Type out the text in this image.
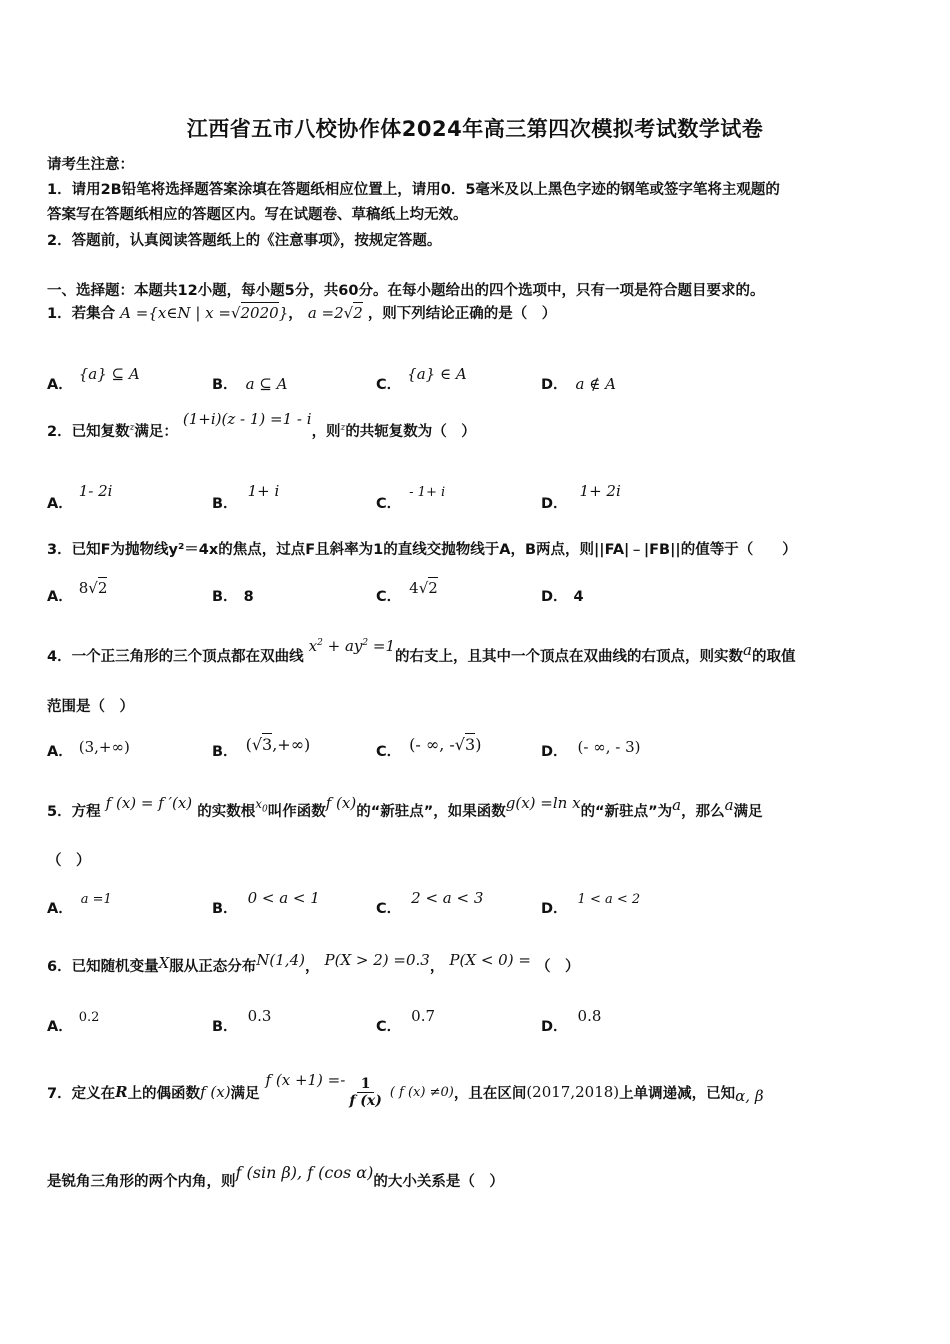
江西省五市八校协作体2024年高三第四次模拟考试数学试卷
请考生注意：
1．请用2B铅笔将选择题答案涂填在答题纸相应位置上，请用0．5毫米及以上黑色字迹的钢笔或签字笔将主观题的
答案写在答题纸相应的答题区内。写在试题卷、草稿纸上均无效。
2．答题前，认真阅读答题纸上的《注意事项》，按规定答题。
一、选择题：本题共12小题，每小题5分，共60分。在每小题给出的四个选项中，只有一项是符合题目要求的。
1．若集合 A ={x∈N | x =√2020}， a =2√2 ，则下列结论正确的是（　）
A．{a} ⊆ A
B． a ⊆ A	C．{a} ∈ A
D． a ∉ A
2．已知复数$^z$满足： (1+i)(z - 1) =1 - i，则$^z$的共轭复数为（　）
A．1- 2i
B．1+ i
C．- 1+ i
D．1+ 2i
3．已知F为抛物线y²＝4x的焦点，过点F且斜率为1的直线交抛物线于A，B两点，则||FA|﹣|FB||的值等于（　　）
A． 8√2	B． 8	C． 4√2	D． 4
4．一个正三角形的三个顶点都在双曲线 $x^2 + ay^2 =1$的右支上，且其中一个顶点在双曲线的右顶点，则实数a的取值
范围是（　）
A． (3,+∞)	B． (√3,+∞)	C． (- ∞, -√3)	D． (- ∞, - 3)
5．方程 f (x) = f ′(x) 的实数根$^{x_0}$叫作函数f (x)的“新驻点”，如果函数g(x) =ln x的“新驻点”为a，那么a满足
（　）
A．a =1
B．0 < a < 1
C．2 < a < 3
D．1 < a < 2
6．已知随机变量X服从正态分布N(1,4)， P(X > 2) =0.3， P(X < 0) = （　）
A．0.2
B．0.3
C．0.7
D．0.8
7．定义在 R 上的偶函数 f (x) 满足
f $(x +1) =- \frac{1}{f (x)}$ ( f (x) ≠0) ，且在区间 (2017,2018) 上单调递减，已知 α, β
是锐角三角形的两个内角，则 f (sin β), f (cos α) 的大小关系是（　）
